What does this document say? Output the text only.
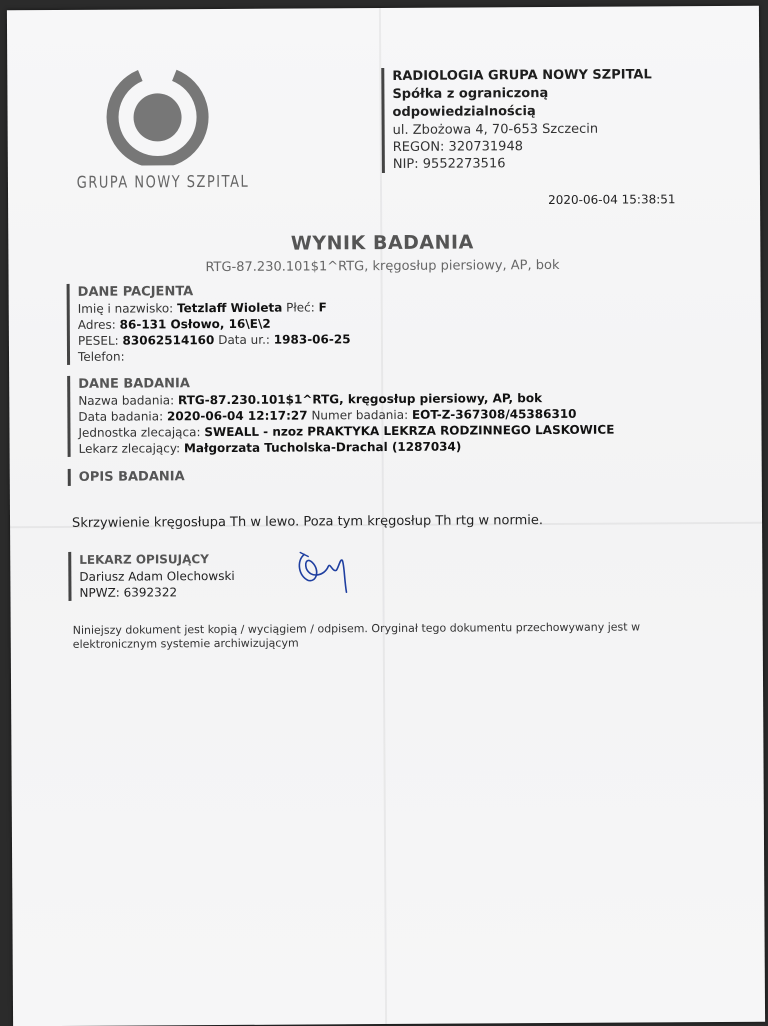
GRUPA NOWY SZPITAL
RADIOLOGIA GRUPA NOWY SZPITAL
Spółka z ograniczoną
odpowiedzialnością
ul. Zbożowa 4, 70-653 Szczecin
REGON: 320731948
NIP: 9552273516
2020-06-04 15:38:51
WYNIK BADANIA
RTG-87.230.101$1^RTG, kręgosłup piersiowy, AP, bok
DANE PACJENTA
Imię i nazwisko: Tetzlaff Wioleta Płeć: F
Adres: 86-131 Osłowo, 16\E\2
PESEL: 83062514160 Data ur.: 1983-06-25
Telefon:
DANE BADANIA
Nazwa badania: RTG-87.230.101$1^RTG, kręgosłup piersiowy, AP, bok
Data badania: 2020-06-04 12:17:27 Numer badania: EOT-Z-367308/45386310
Jednostka zlecająca: SWEALL - nzoz PRAKTYKA LEKRZA RODZINNEGO LASKOWICE
Lekarz zlecający: Małgorzata Tucholska-Drachal (1287034)
OPIS BADANIA
Skrzywienie kręgosłupa Th w lewo. Poza tym kręgosłup Th rtg w normie.
LEKARZ OPISUJĄCY
Dariusz Adam Olechowski
NPWZ: 6392322
Niniejszy dokument jest kopią / wyciągiem / odpisem. Oryginał tego dokumentu przechowywany jest w elektronicznym systemie archiwizującym
